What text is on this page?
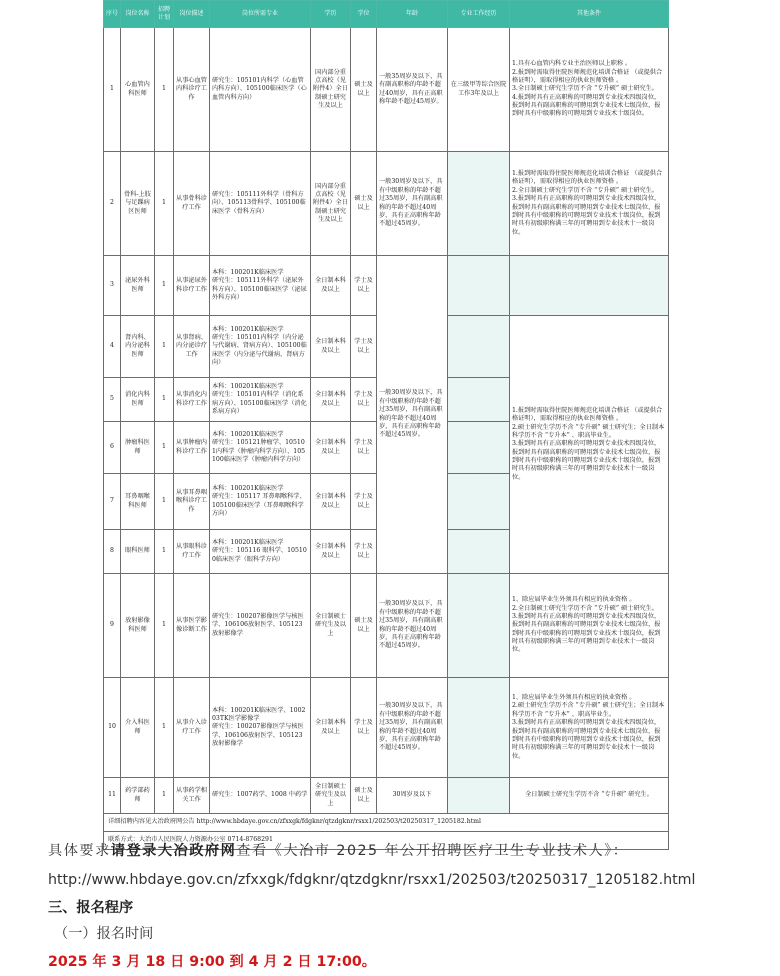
序号	岗位名称	招聘计划	岗位描述	岗位所需专业	学历	学位	年龄	专业工作经历	其他条件	
1	心血管内科医师	1	从事心血管内科诊疗工作	研究生：105101内科学（心血管内科方向）、105100临床医学（心血管内科方向）	国内部分重点高校（见附件4）全日制硕士研究生及以上	硕士及以上	一般35周岁及以下，具有副高职称的年龄不超过40周岁，具有正高职称年龄不超过45周岁。	在三级甲等综合医院工作3年及以上	1.具有心血管内科专业主治医师以上职称 。
2.报到时需取得住院医师规范化培训合格证 （或提供合格证明），需取得相应的执业医师资格 。
3.全日制硕士研究生学历不含 “专升硕” 硕士研究生。
4.报到时具有正高职称的可聘用到专业技术四级岗位，报到时具有副高职称的可聘用到专业技术七级岗位，报到时具有中级职称的可聘用到专业技术十级岗位。	
2	骨科-上肢与足踝病区医师	1	从事骨科诊疗工作	研究生：105111外科学（骨科方向）、105113骨科学、105100临床医学（骨科方向）	国内部分重点高校（见附件4）全日制硕士研究生及以上	硕士及以上	一般30周岁及以下，具有中级职称的年龄不超过35周岁，具有副高职称的年龄不超过40周岁，具有正高职称年龄不超过45周岁。		1.报到时需取得住院医师规范化培训合格证 （或提供合格证明），需取得相应的执业医师资格 。
2.全日制硕士研究生学历不含 “专升硕” 硕士研究生。
3.报到时具有正高职称的可聘用到专业技术四级岗位，报到时具有副高职称的可聘用到专业技术七级岗位，报到时具有中级职称的可聘用到专业技术十级岗位，报到时具有初级职称满三年的可聘用到专业技术十一级岗位。	
3	泌尿外科医师	1	从事泌尿外科诊疗工作	本科：100201K临床医学
研究生：105111外科学（泌尿外科方向）、105100临床医学（泌尿外科方向）	全日制本科及以上	学士及以上	一般30周岁及以下，具有中级职称的年龄不超过35周岁，具有副高职称的年龄不超过40周岁，具有正高职称年龄不超过45周岁。			
4	肾内科、内分泌科医师	1	从事肾病、内分泌诊疗工作	本科：100201K临床医学
研究生：105101内科学（内分泌与代谢病、肾病方向）、105100临床医学（内分泌与代谢病、肾病方向）	全日制本科及以上	学士及以上			1.报到时需取得住院医师规范化培训合格证 （或提供合格证明），需取得相应的执业医师资格 。
2.硕士研究生学历不含 “专升硕” 硕士研究生；全日制本科学历不含 “专升本” 、职高毕业生。
3.报到时具有正高职称的可聘用到专业技术四级岗位，报到时具有副高职称的可聘用到专业技术七级岗位，报到时具有中级职称的可聘用到专业技术十级岗位，报到时具有初级职称满三年的可聘用到专业技术十一级岗位。	
5	消化内科医师	1	从事消化内科诊疗工作	本科：100201K临床医学
研究生：105101内科学（消化系病方向）、105100临床医学（消化系病方向）	全日制本科及以上	学士及以上				
6	肿瘤科医师	1	从事肿瘤内科诊疗工作	本科：100201K临床医学
研究生：105121肿瘤学、105101内科学（肿瘤内科学方向）、105100临床医学（肿瘤内科学方向）	全日制本科及以上	学士及以上				
7	耳鼻咽喉科医师	1	从事耳鼻咽喉科诊疗工作	本科：100201K临床医学
研究生：105117 耳鼻咽喉科学、105100临床医学（耳鼻咽喉科学方向）	全日制本科及以上	学士及以上				
8	眼科医师	1	从事眼科诊疗工作	本科：100201K临床医学
研究生：105116 眼科学、105100临床医学（眼科学方向）	全日制本科及以上	学士及以上				
9	放射影像科医师	1	从事医学影像诊断工作	研究生：100207影像医学与核医学、106106放射医学、105123放射影像学	全日制硕士研究生及以上	硕士及以上	一般30周岁及以下，具有中级职称的年龄不超过35周岁，具有副高职称的年龄不超过40周岁，具有正高职称年龄不超过45周岁。		1、除应届毕业生外须具有相应的执业资格 。
2.全日制硕士研究生学历不含 “专升硕” 硕士研究生。
3.报到时具有正高职称的可聘用到专业技术四级岗位，报到时具有副高职称的可聘用到专业技术七级岗位，报到时具有中级职称的可聘用到专业技术十级岗位，报到时具有初级职称满三年的可聘用到专业技术十一级岗位。	
10	介入科医师	1	从事介入诊疗工作	本科：100201K临床医学、100203TK医学影像学
研究生：100207影像医学与核医学、106106放射医学、105123放射影像学	全日制本科及以上	学士及以上	一般30周岁及以下，具有中级职称的年龄不超过35周岁，具有副高职称的年龄不超过40周岁，具有正高职称年龄不超过45周岁。		1、除应届毕业生外须具有相应的执业资格 。
2.硕士研究生学历不含 “专升硕” 硕士研究生；全日制本科学历不含 “专升本” 、职高毕业生。
3.报到时具有正高职称的可聘用到专业技术四级岗位，报到时具有副高职称的可聘用到专业技术七级岗位，报到时具有中级职称的可聘用到专业技术十级岗位，报到时具有初级职称满三年的可聘用到专业技术十一级岗位。	
11	药学部药师	1	从事药学相关工作	研究生：1007药学、1008 中药学	全日制硕士研究生及以上	硕士及以上	30周岁及以下		全日制硕士研究生学历不含 “专升硕” 研究生。	
详细招聘内容见大冶政府网公告 http://www.hbdaye.gov.cn/zfxxgk/fdgknr/qtzdgknr/rsxx1/202503/t20250317_1205182.html										
联系方式：大冶市人民医院人力资源办公室 0714-8768291										
具体要求请登录大冶政府网查看《大冶市 2025 年公开招聘医疗卫生专业技术人》：
http://www.hbdaye.gov.cn/zfxxgk/fdgknr/qtzdgknr/rsxx1/202503/t20250317_1205182.html
三、报名程序
（一）报名时间
2025 年 3 月 18 日 9:00 到 4 月 2 日 17:00。
